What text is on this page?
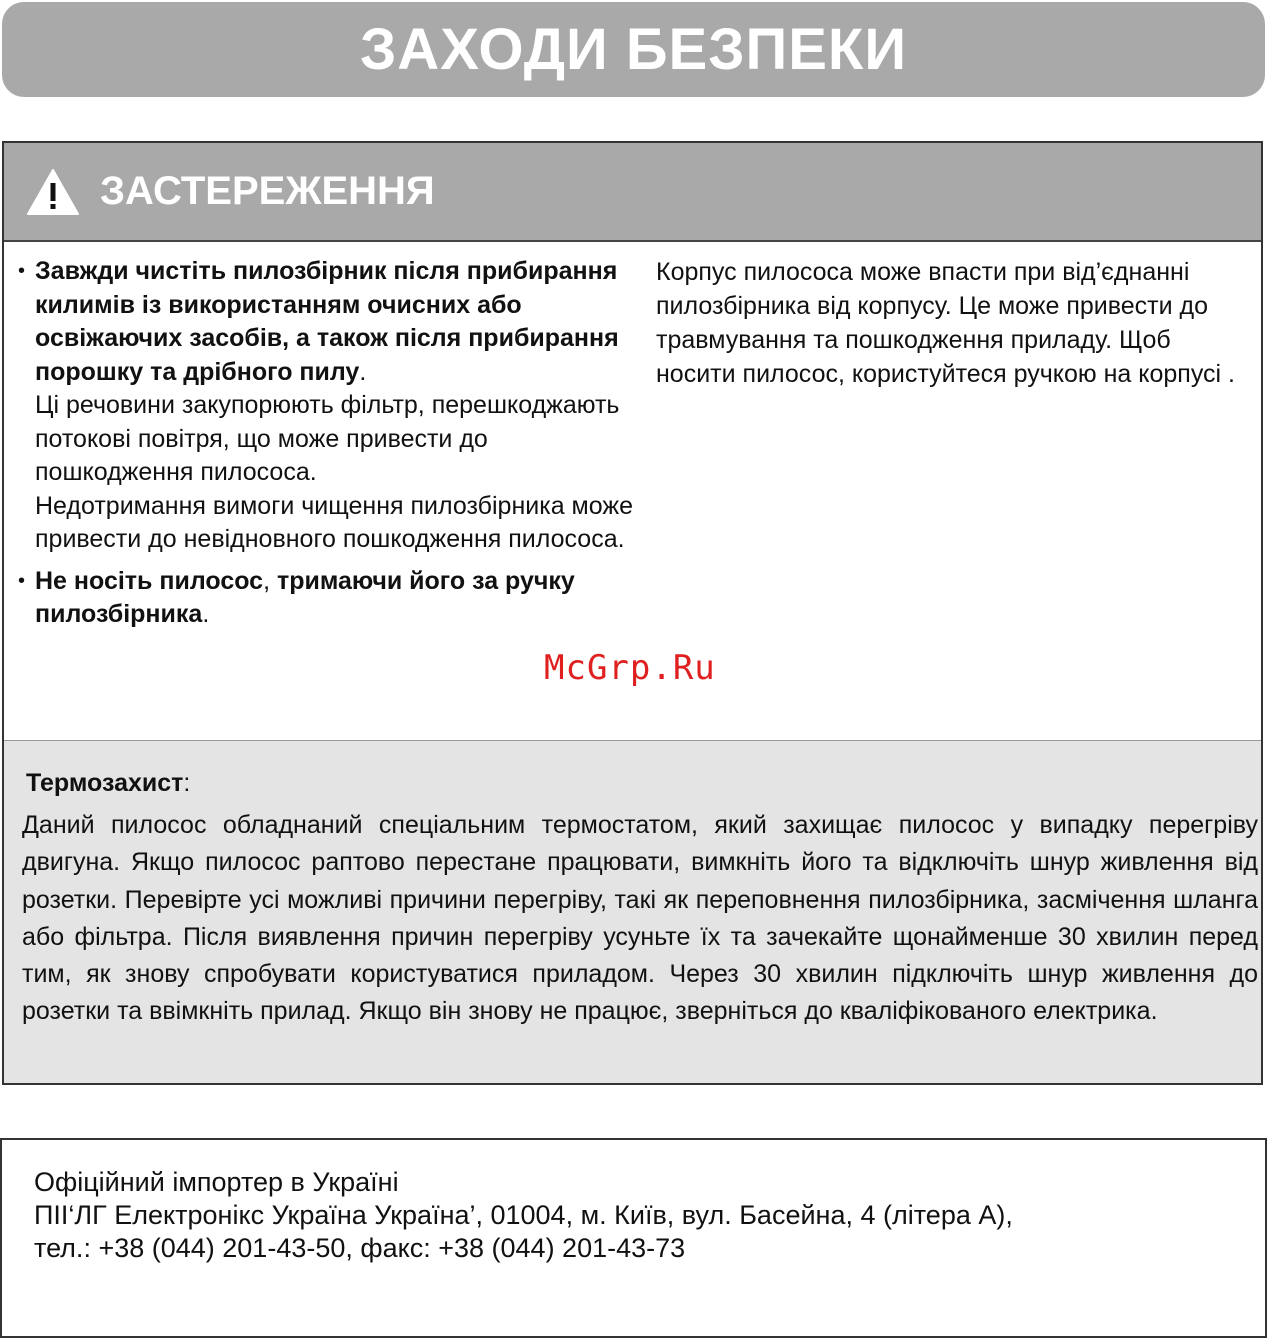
ЗАХОДИ БЕЗПЕКИ
ЗАСТЕРЕЖЕННЯ
• Завжди чистіть пилозбірник після прибирання килимів із використанням очисних або освіжаючих засобів, а також після прибирання порошку та дрібного пилу.
Ці речовини закупорюють фільтр, перешкоджають потокові повітря, що може привести до пошкодження пилососа.
Недотримання вимоги чищення пилозбірника може привести до невідновного пошкодження пилососа.
• Не носіть пилосос, тримаючи його за ручку пилозбірника.
Корпус пилососа може впасти при від’єднанні пилозбірника від корпусу. Це може привести до травмування та пошкодження приладу. Щоб носити пилосос, користуйтеся ручкою на корпусі .
McGrp.Ru
Термозахист:
Даний пилосос обладнаний спеціальним термостатом, який захищає пилосос у випадку перегріву двигуна. Якщо пилосос раптово перестане працювати, вимкніть його та відключіть шнур живлення від розетки. Перевірте усі можливі причини перегріву, такі як переповнення пилозбірника, засмічення шланга або фільтра. Після виявлення причин перегріву усуньте їх та зачекайте щонайменше 30 хвилин перед тим, як знову спробувати користуватися приладом. Через 30 хвилин підключіть шнур живлення до розетки та ввімкніть прилад. Якщо він знову не працює, зверніться до кваліфікованого електрика.
Офіційний імпортер в Україні
ПІІ‘ЛГ Електронікс Україна Україна’, 01004, м. Київ, вул. Басейна, 4 (літера А),
тел.: +38 (044) 201-43-50, факс: +38 (044) 201-43-73
